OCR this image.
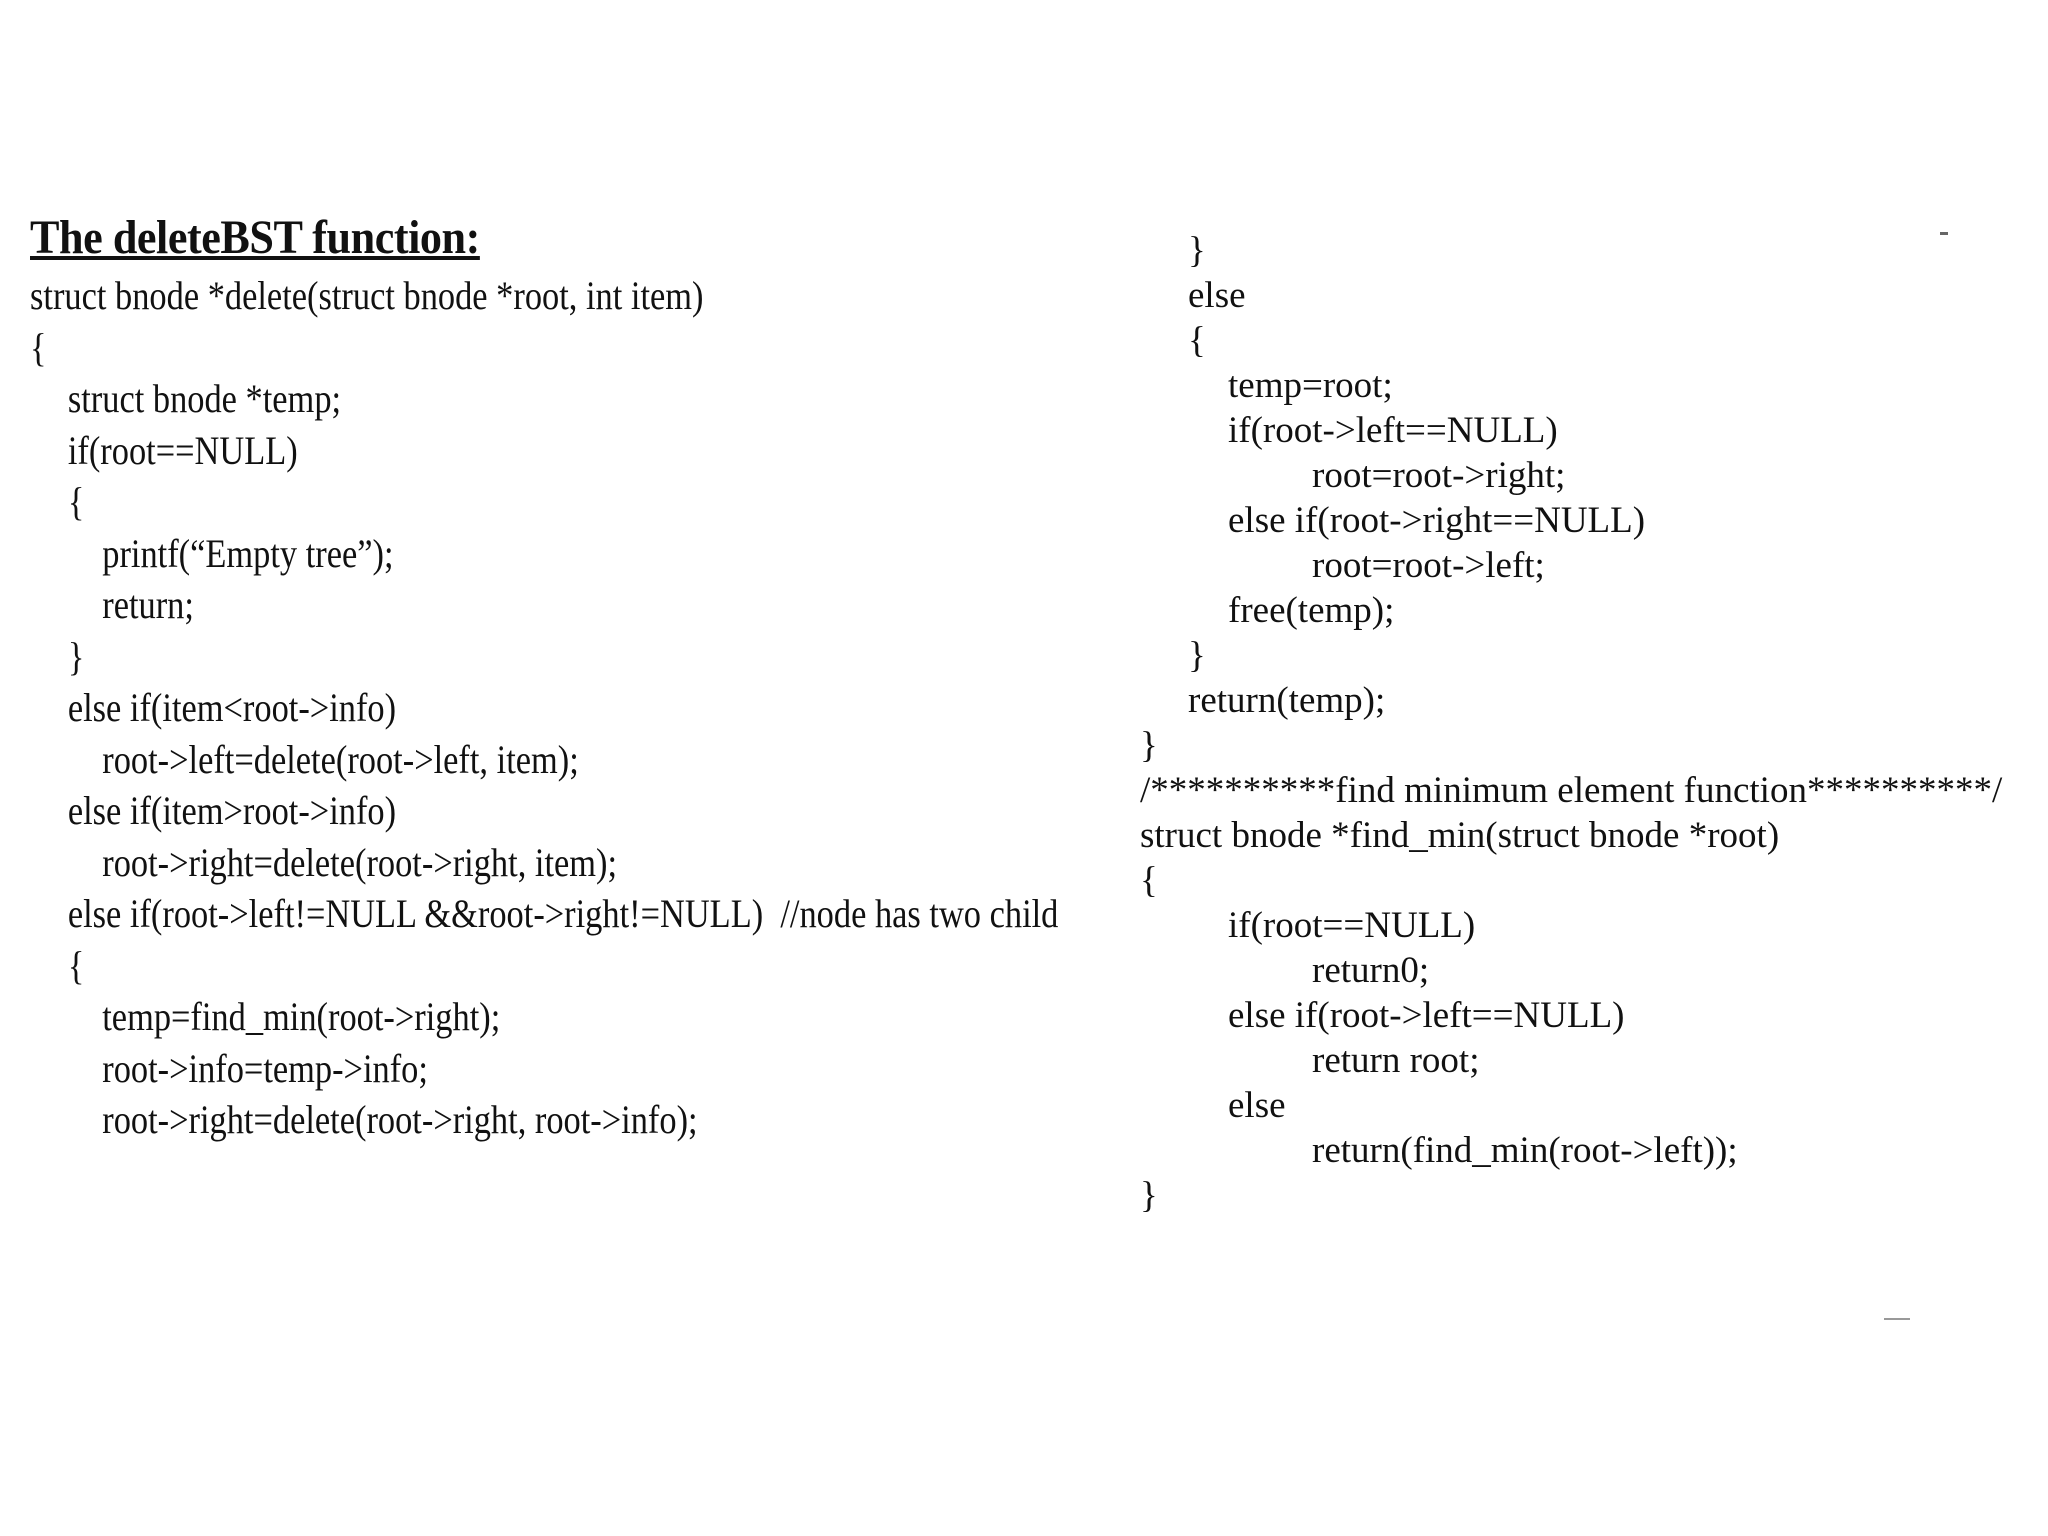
The deleteBST function:
struct bnode *delete(struct bnode *root, int item)
{
struct bnode *temp;
if(root==NULL)
{
printf(“Empty tree”);
return;
}
else if(item<root->info)
root->left=delete(root->left, item);
else if(item>root->info)
root->right=delete(root->right, item);
else if(root->left!=NULL &&root->right!=NULL)  //node has two child
{
temp=find_min(root->right);
root->info=temp->info;
root->right=delete(root->right, root->info);
}
else
{
temp=root;
if(root->left==NULL)
root=root->right;
else if(root->right==NULL)
root=root->left;
free(temp);
}
return(temp);
}
/**********find minimum element function**********/
struct bnode *find_min(struct bnode *root)
{
if(root==NULL)
return0;
else if(root->left==NULL)
return root;
else
return(find_min(root->left));
}
